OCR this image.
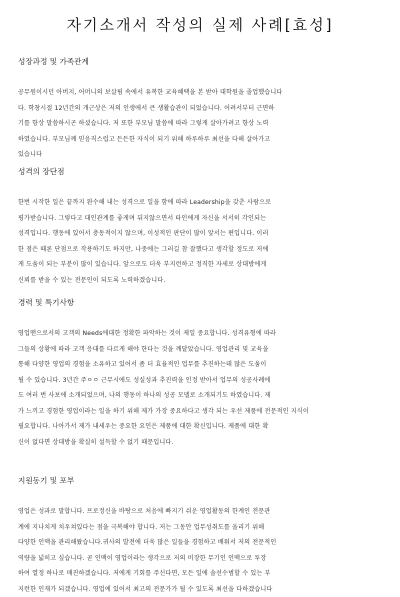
자기소개서 작성의 실제 사례[효성]
성장과정 및 가족관계
공무원이시던 아버지, 어머니의 보살핌 속에서 유복한 교육혜택을 본 받아 대학원을 졸업했습니다
다. 학창시절 12년간의 개근상은 저의 인생에서 큰 생활습관이 되었습니다. 어려서부터 근면하
기를 항상 말씀하시곤 하셨습니다. 저 또한 부모님 말씀에 따라 그렇게 살아가려고 항상 노력
하였습니다. 부모님께 믿음직스럽고 든든한 자식이 되기 위해 하루하루 최선을 다해 살아가고
있습니다
성격의 장단점
한번 시작한 일은 끝까지 완수해 내는 성격으로 일을 함에 따라 Leadership을 갖춘 사람으로
평가받습니다. 그렇다고 대인관계를 좋게며 뒤지않으면서 타인에게 자신을 서서히 각인되는
성격입니다. 행동에 있어서 충동적이지 않으며, 이성적인 판단이 많이 앞서는 편입니다. 이러
한 점은 때론 단점으로 작용하기도 하지만, 나중에는 그러길 참 잘했다고 생각할 정도로 저에
게 도움이 되는 부분이 많이 있습니다. 앞으로도 더욱 부지런하고 정직한 자세로 상대방에게
신뢰를 받을 수 있는 전문인이 되도록 노력하겠습니다.
경력 및 특기사항
영업맨으로서의 고객의 Needs에대한 정확한 파악하는 것이 제일 중요합니다. 성격유형에 따라
그들의 상황에 따라 고객 응대를 다르게 해야 한다는 것을 깨달았습니다. 영업관리 및 교육을
통해 다양한 영업의 경험을 소유하고 있어서 좀 더 효율적인 업무를 추진하는데 많은 도움이
될 수 있습니다. 3년간 주ㅇㅇ 근무시에도 성실성과 추진력을 인정 받아서 업무의 성공사례에
도 여러 번 사보에 소개되었으며, 나의 행동이 하나의 성공 모델로 소개되기도 하였습니다. 제
가 느끼고 경험한 영업이라는 일을 하기 위해 제가 가장 중요하다고 생각 되는 우선 제품에 전문적인 지식이
필요합니다. 나아가서 제가 내세우는 중요한 요인은 제품에 대한 확신입니다. 제품에 대한 확
신이 없다면 상대방을 확실히 설득할 수 없기 때문입니다.
지원동기 및 포부
영업은 성과로 말합니다. 프로정신을 바탕으로 처음에 빠지기 쉬운 영업활동의 한계인 전문관
계에 지나치게 치우쳐있다는 점을 극복해야 합니다. 저는 그동안 업무성취도를 올리기 위해
다양한 인맥을 관리해왔습니다.귀사의 발전에 더욱 많은 일들을 경험하고 배워서 저의 전문적인
역량을 넓히고 싶습니다. 곧 인맥이 영업이라는 생각으로 저의 비장한 무기인 인맥으로 투장
하여 열정 하나로 매진하겠습니다. 저에게 기회를 주신다면, 모든 일에 솔선수범할 수 있는 부
지런한 인재가 되겠습니다. 영업에 있어서 최고의 전문가가 될 수 있도록 최선을 다하겠습니다
